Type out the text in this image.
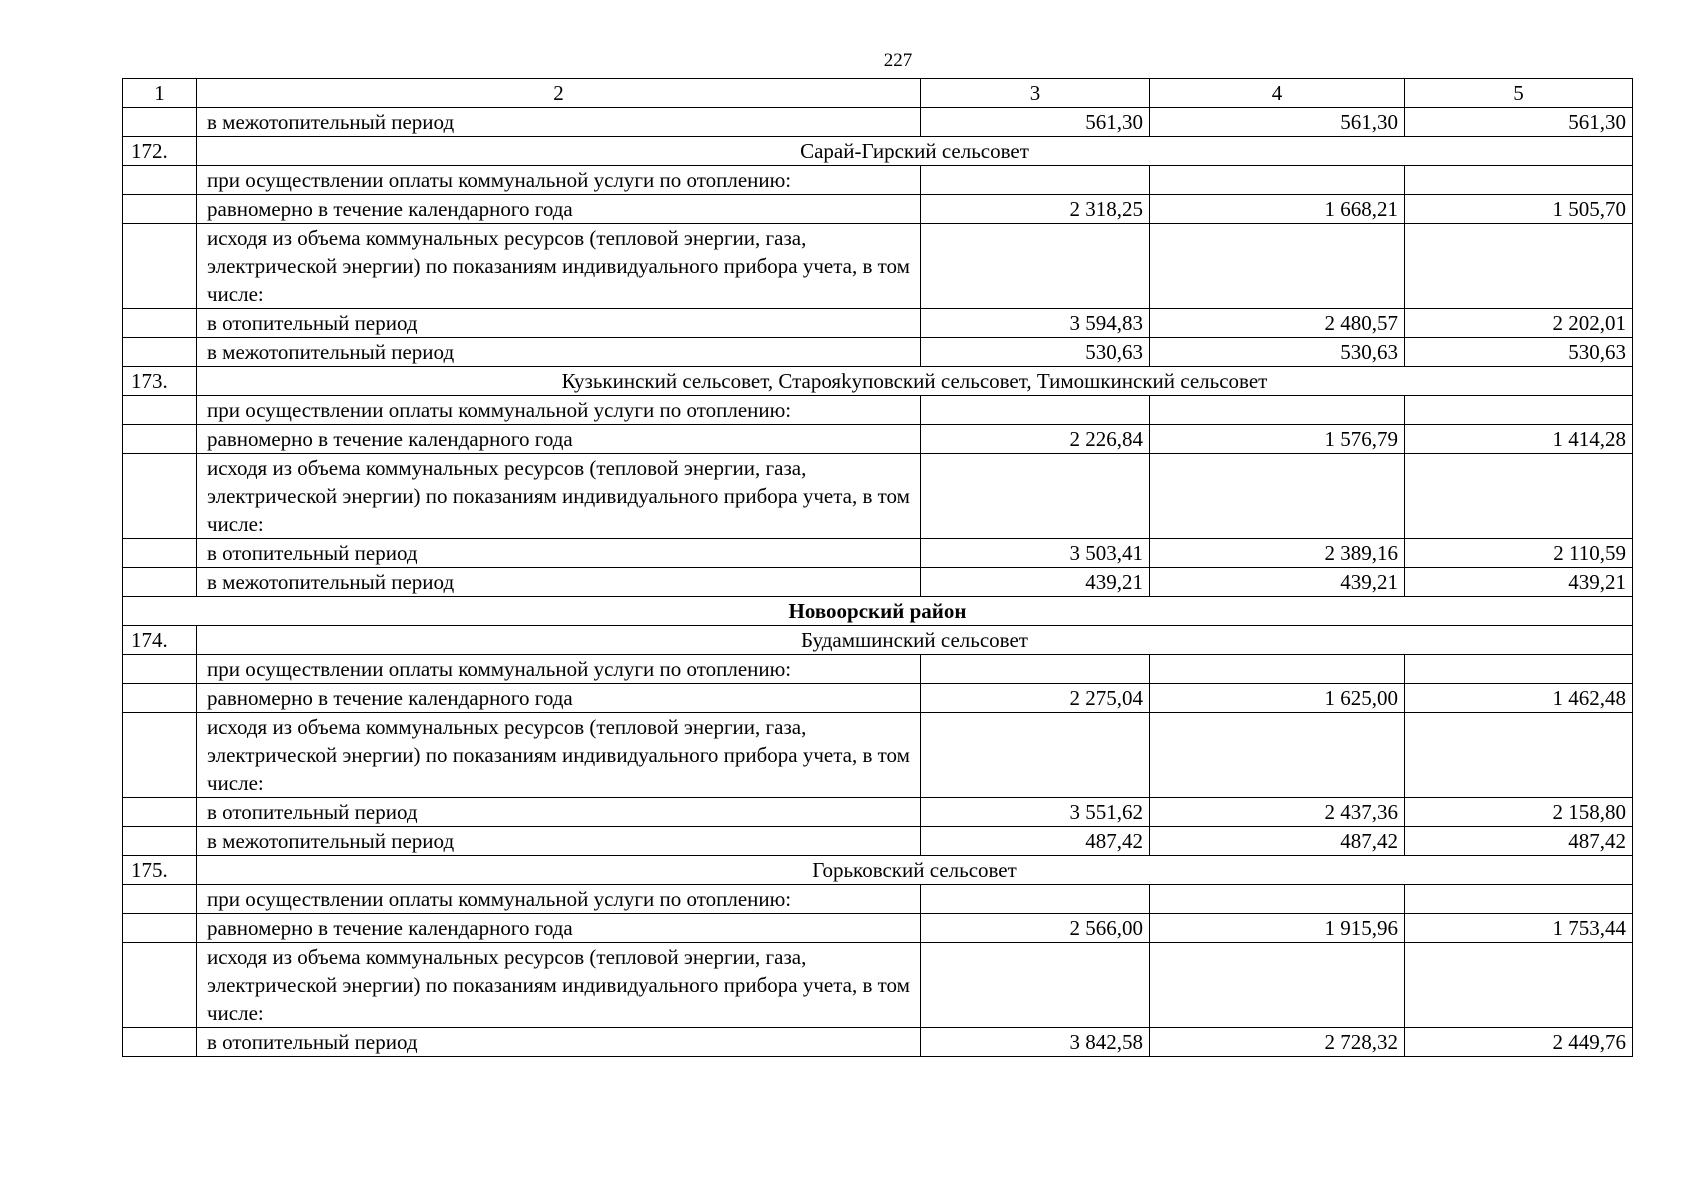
227
1	2	3	4	5
	в межотопительный период	561,30	561,30	561,30
172.	Сарай-Гирский сельсовет			
	при осуществлении оплаты коммунальной услуги по отоплению:			
	равномерно в течение календарного года	2 318,25	1 668,21	1 505,70
	исходя из объема коммунальных ресурсов (тепловой энергии, газа, электрической энергии) по показаниям индивидуального прибора учета, в том числе:			
	в отопительный период	3 594,83	2 480,57	2 202,01
	в межотопительный период	530,63	530,63	530,63
173.	Кузькинский сельсовет, Старояkуповский сельсовет, Тимошкинский сельсовет			
	при осуществлении оплаты коммунальной услуги по отоплению:			
	равномерно в течение календарного года	2 226,84	1 576,79	1 414,28
	исходя из объема коммунальных ресурсов (тепловой энергии, газа, электрической энергии) по показаниям индивидуального прибора учета, в том числе:			
	в отопительный период	3 503,41	2 389,16	2 110,59
	в межотопительный период	439,21	439,21	439,21
Новоорский район				
174.	Будамшинский сельсовет			
	при осуществлении оплаты коммунальной услуги по отоплению:			
	равномерно в течение календарного года	2 275,04	1 625,00	1 462,48
	исходя из объема коммунальных ресурсов (тепловой энергии, газа, электрической энергии) по показаниям индивидуального прибора учета, в том числе:			
	в отопительный период	3 551,62	2 437,36	2 158,80
	в межотопительный период	487,42	487,42	487,42
175.	Горьковский сельсовет			
	при осуществлении оплаты коммунальной услуги по отоплению:			
	равномерно в течение календарного года	2 566,00	1 915,96	1 753,44
	исходя из объема коммунальных ресурсов (тепловой энергии, газа, электрической энергии) по показаниям индивидуального прибора учета, в том числе:			
	в отопительный период	3 842,58	2 728,32	2 449,76
